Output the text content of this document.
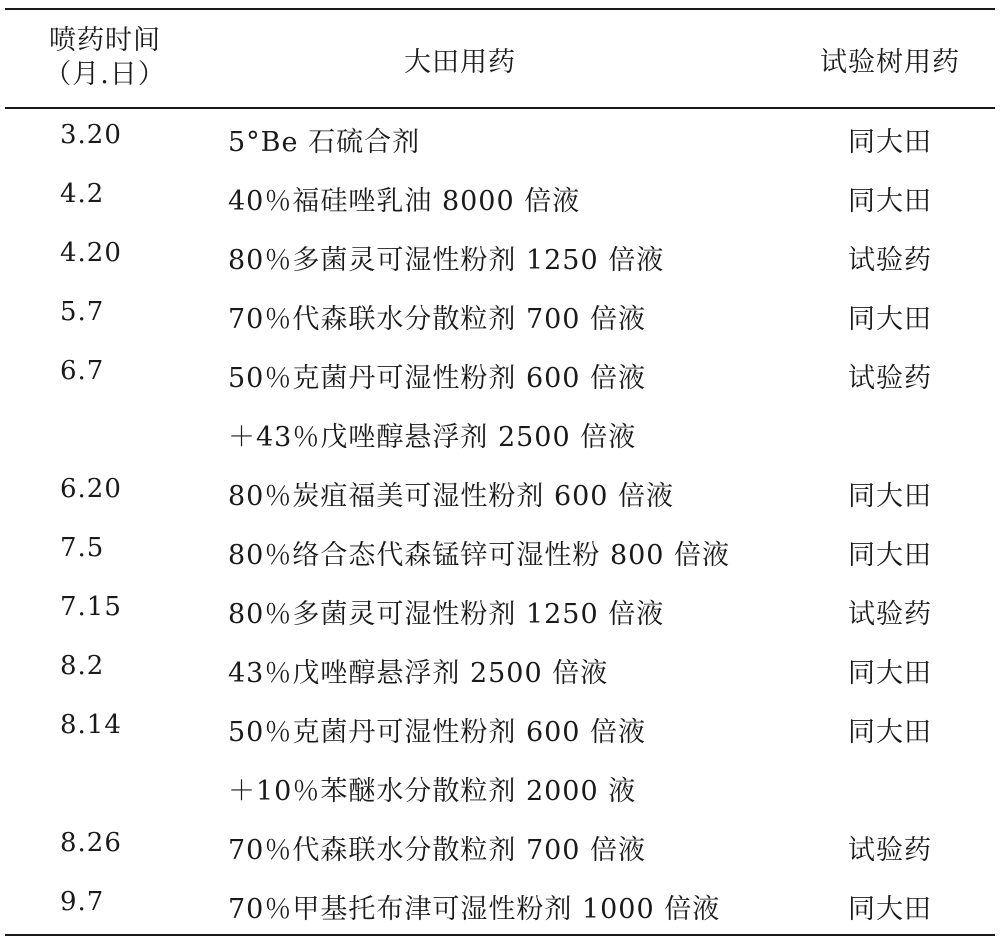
喷药时间
（月.日）	大田用药	试验树用药
3.20	5°Be 石硫合剂	同大田
4.2	40％福硅唑乳油 8000 倍液	同大田
4.20	80％多菌灵可湿性粉剂 1250 倍液	试验药
5.7	70％代森联水分散粒剂 700 倍液	同大田
6.7	50％克菌丹可湿性粉剂 600 倍液	试验药
＋43％戊唑醇悬浮剂 2500 倍液
6.20	80％炭疽福美可湿性粉剂 600 倍液	同大田
7.5	80％络合态代森锰锌可湿性粉 800 倍液	同大田
7.15	80％多菌灵可湿性粉剂 1250 倍液	试验药
8.2	43％戊唑醇悬浮剂 2500 倍液	同大田
8.14	50％克菌丹可湿性粉剂 600 倍液	同大田
＋10％苯醚水分散粒剂 2000 液
8.26	70％代森联水分散粒剂 700 倍液	试验药
9.7	70％甲基托布津可湿性粉剂 1000 倍液	同大田
